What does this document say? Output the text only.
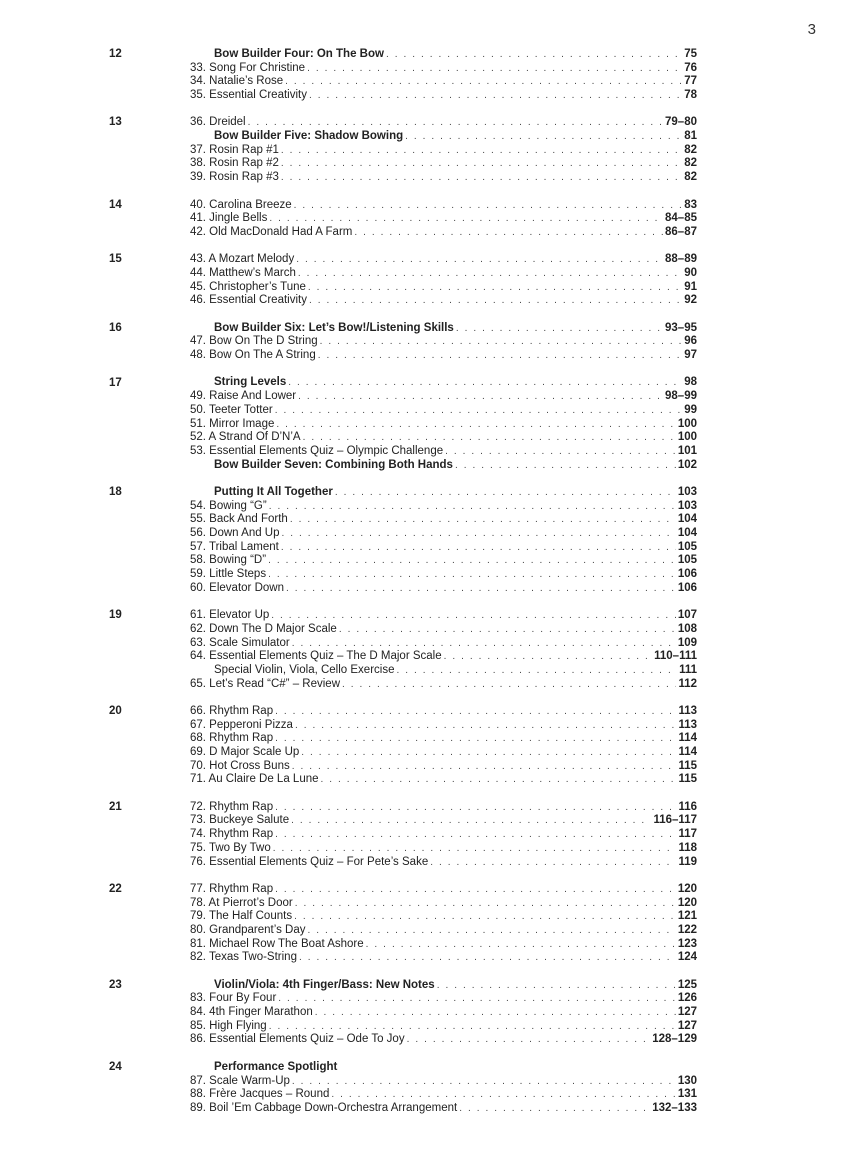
3
12	Bow Builder Four: On The Bow . . .	75
33. Song For Christine . . .	76
34. Natalie’s Rose . . .	77
35. Essential Creativity . . .	78
13	36. Dreidel . . .	79–80
Bow Builder Five: Shadow Bowing . . .	81
37. Rosin Rap #1 . . .	82
38. Rosin Rap #2 . . .	82
39. Rosin Rap #3 . . .	82
14	40. Carolina Breeze . . .	83
41. Jingle Bells . . .	84–85
42. Old MacDonald Had A Farm . . .	86–87
15	43. A Mozart Melody . . .	88–89
44. Matthew’s March . . .	90
45. Christopher’s Tune . . .	91
46. Essential Creativity . . .	92
16	Bow Builder Six: Let’s Bow!/Listening Skills . . .	93–95
47. Bow On The D String . . .	96
48. Bow On The A String . . .	97
17	String Levels . . .	98
49. Raise And Lower . . .	98–99
50. Teeter Totter . . .	99
51. Mirror Image . . .	100
52. A Strand Of D’N’A . . .	100
53. Essential Elements Quiz – Olympic Challenge . . .	101
Bow Builder Seven: Combining Both Hands . . .	102
18	Putting It All Together . . .	103
54. Bowing “G” . . .	103
55. Back And Forth . . .	104
56. Down And Up . . .	104
57. Tribal Lament . . .	105
58. Bowing “D” . . .	105
59. Little Steps . . .	106
60. Elevator Down . . .	106
19	61. Elevator Up . . .	107
62. Down The D Major Scale . . .	108
63. Scale Simulator . . .	109
64. Essential Elements Quiz – The D Major Scale . . .	110–111
Special Violin, Viola, Cello Exercise . . .	111
65. Let’s Read “C#” – Review . . .	112
20	66. Rhythm Rap . . .	113
67. Pepperoni Pizza . . .	113
68. Rhythm Rap . . .	114
69. D Major Scale Up . . .	114
70. Hot Cross Buns . . .	115
71. Au Claire De La Lune . . .	115
21	72. Rhythm Rap . . .	116
73. Buckeye Salute . . .	116–117
74. Rhythm Rap . . .	117
75. Two By Two . . .	118
76. Essential Elements Quiz – For Pete’s Sake . . .	119
22	77. Rhythm Rap . . .	120
78. At Pierrot’s Door . . .	120
79. The Half Counts . . .	121
80. Grandparent’s Day . . .	122
81. Michael Row The Boat Ashore . . .	123
82. Texas Two-String . . .	124
23	Violin/Viola: 4th Finger/Bass: New Notes . . .	125
83. Four By Four . . .	126
84. 4th Finger Marathon . . .	127
85. High Flying . . .	127
86. Essential Elements Quiz – Ode To Joy . . .	128–129
24	Performance Spotlight
87. Scale Warm-Up . . .	130
88. Frère Jacques – Round . . .	131
89. Boil ’Em Cabbage Down-Orchestra Arrangement . . .	132–133
